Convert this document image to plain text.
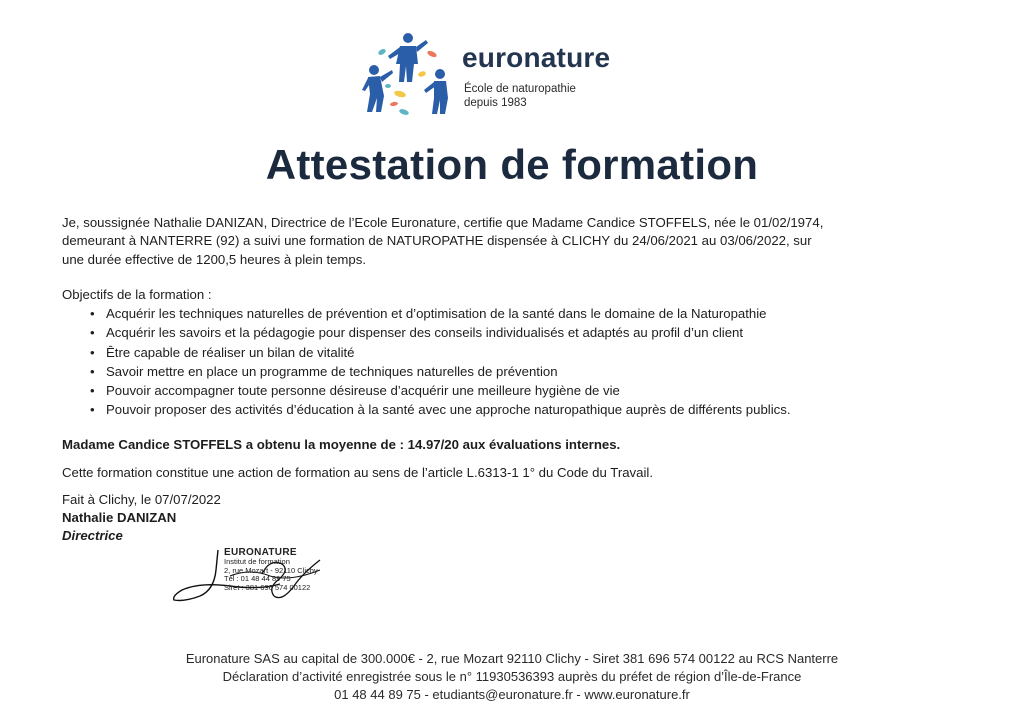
euronature
École de naturopathie
depuis 1983
Attestation de formation
Je, soussignée Nathalie DANIZAN, Directrice de l’Ecole Euronature, certifie que Madame Candice STOFFELS, née le 01/02/1974,
demeurant à NANTERRE (92) a suivi une formation de NATUROPATHE dispensée à CLICHY du 24/06/2021 au 03/06/2022, sur
une durée effective de 1200,5 heures à plein temps.
Objectifs de la formation :
• Acquérir les techniques naturelles de prévention et d’optimisation de la santé dans le domaine de la Naturopathie
• Acquérir les savoirs et la pédagogie pour dispenser des conseils individualisés et adaptés au profil d’un client
• Être capable de réaliser un bilan de vitalité
• Savoir mettre en place un programme de techniques naturelles de prévention
• Pouvoir accompagner toute personne désireuse d’acquérir une meilleure hygiène de vie
• Pouvoir proposer des activités d’éducation à la santé avec une approche naturopathique auprès de différents publics.
Madame Candice STOFFELS a obtenu la moyenne de : 14.97/20 aux évaluations internes.
Cette formation constitue une action de formation au sens de l’article L.6313-1 1° du Code du Travail.
Fait à Clichy, le 07/07/2022
Nathalie DANIZAN
Directrice
EURONATURE
Institut de formation
2, rue Mozart - 92110 Clichy
Tél : 01 48 44 89 75
Siret : 381 696 574 00122
Euronature SAS au capital de 300.000€ - 2, rue Mozart 92110 Clichy - Siret 381 696 574 00122 au RCS Nanterre
Déclaration d’activité enregistrée sous le n° 11930536393 auprès du préfet de région d’Île-de-France
01 48 44 89 75 - etudiants@euronature.fr - www.euronature.fr
